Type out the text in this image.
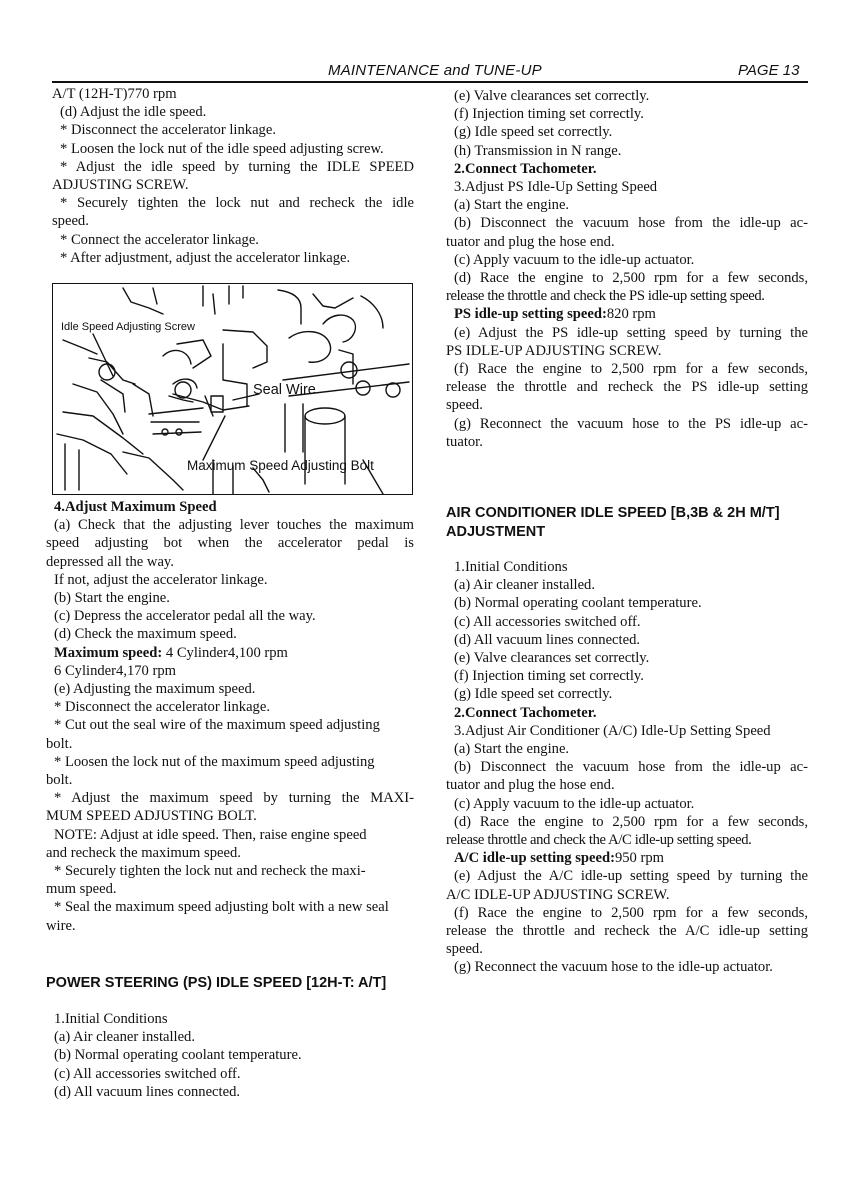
MAINTENANCE and TUNE-UP	PAGE 13
A/T (12H-T)770 rpm
(d) Adjust the idle speed.
* Disconnect the accelerator linkage.
* Loosen the lock nut of the idle speed adjusting screw.
* Adjust the idle speed by turning the IDLE SPEED
ADJUSTING SCREW.
* Securely tighten the lock nut and recheck the idle
speed.
* Connect the accelerator linkage.
* After adjustment, adjust the accelerator linkage.
Idle Speed Adjusting Screw
Seal Wire
Maximum Speed Adjusting Bolt
4.Adjust Maximum Speed
(a) Check that the adjusting lever touches the maximum
speed adjusting bot when the accelerator pedal is
depressed all the way.
If not, adjust the accelerator linkage.
(b) Start the engine.
(c) Depress the accelerator pedal all the way.
(d) Check the maximum speed.
Maximum speed: 4 Cylinder4,100 rpm
6 Cylinder4,170 rpm
(e) Adjusting the maximum speed.
* Disconnect the accelerator linkage.
* Cut out the seal wire of the maximum speed adjusting
bolt.
* Loosen the lock nut of the maximum speed adjusting
bolt.
* Adjust the maximum speed by turning the MAXI-
MUM SPEED ADJUSTING BOLT.
NOTE: Adjust at idle speed. Then, raise engine speed
and recheck the maximum speed.
* Securely tighten the lock nut and recheck the maxi-
mum speed.
* Seal the maximum speed adjusting bolt with a new seal
wire.
POWER STEERING (PS) IDLE SPEED [12H-T: A/T]
1.Initial Conditions
(a) Air cleaner installed.
(b) Normal operating coolant temperature.
(c) All accessories switched off.
(d) All vacuum lines connected.
(e) Valve clearances set correctly.
(f) Injection timing set correctly.
(g) Idle speed set correctly.
(h) Transmission in N range.
2.Connect Tachometer.
3.Adjust PS Idle-Up Setting Speed
(a) Start the engine.
(b) Disconnect the vacuum hose from the idle-up ac-
tuator and plug the hose end.
(c) Apply vacuum to the idle-up actuator.
(d) Race the engine to 2,500 rpm for a few seconds,
release the throttle and check the PS idle-up setting speed.
PS idle-up setting speed:820 rpm
(e) Adjust the PS idle-up setting speed by turning the
PS IDLE-UP ADJUSTING SCREW.
(f) Race the engine to 2,500 rpm for a few seconds,
release the throttle and recheck the PS idle-up setting
speed.
(g) Reconnect the vacuum hose to the PS idle-up ac-
tuator.
AIR CONDITIONER IDLE SPEED [B,3B & 2H M/T]
ADJUSTMENT
1.Initial Conditions
(a) Air cleaner installed.
(b) Normal operating coolant temperature.
(c) All accessories switched off.
(d) All vacuum lines connected.
(e) Valve clearances set correctly.
(f) Injection timing set correctly.
(g) Idle speed set correctly.
2.Connect Tachometer.
3.Adjust Air Conditioner (A/C) Idle-Up Setting Speed
(a) Start the engine.
(b) Disconnect the vacuum hose from the idle-up ac-
tuator and plug the hose end.
(c) Apply vacuum to the idle-up actuator.
(d) Race the engine to 2,500 rpm for a few seconds,
release throttle and check the A/C idle-up setting speed.
A/C idle-up setting speed:950 rpm
(e) Adjust the A/C idle-up setting speed by turning the
A/C IDLE-UP ADJUSTING SCREW.
(f) Race the engine to 2,500 rpm for a few seconds,
release the throttle and recheck the A/C idle-up setting
speed.
(g) Reconnect the vacuum hose to the idle-up actuator.
